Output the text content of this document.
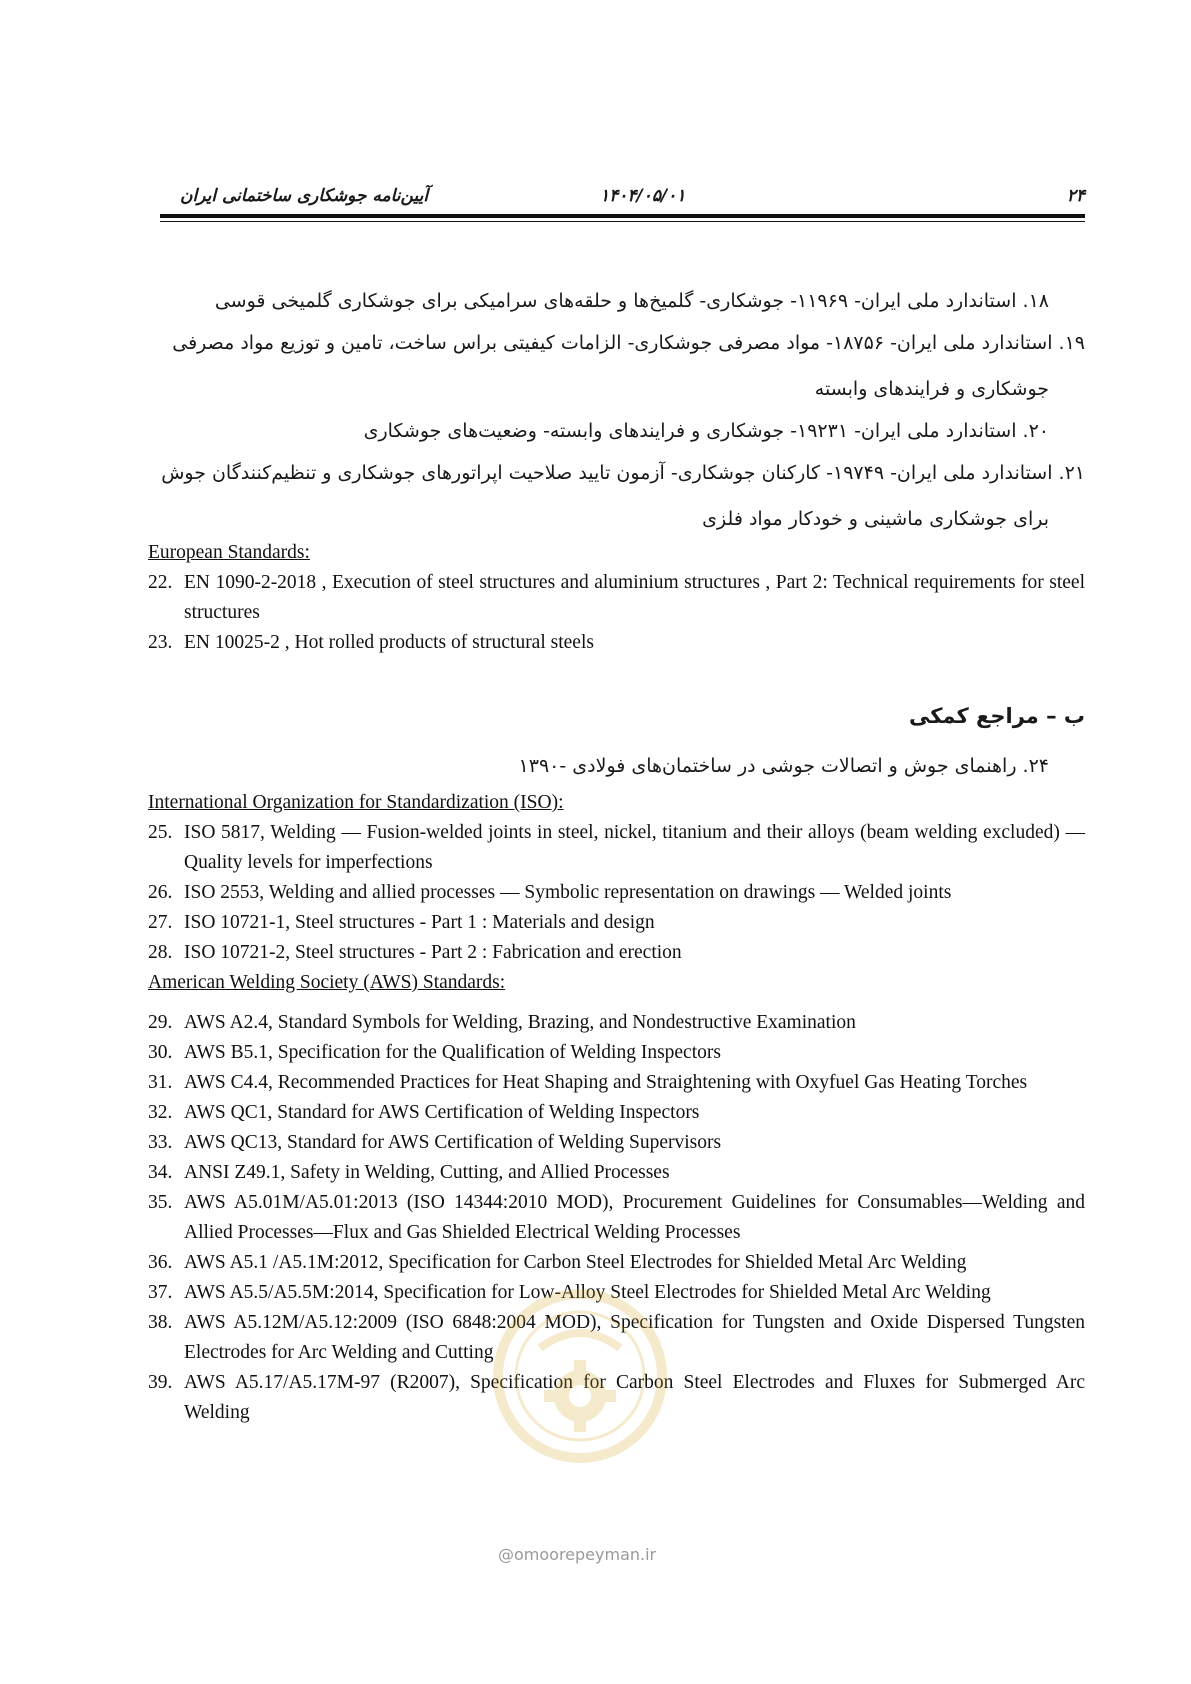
۲۴
۱۴۰۴/۰۵/۰۱
آیین‌نامه جوشکاری ساختمانی ایران

۱۸. استاندارد ملی ایران- ۱۱۹۶۹- جوشکاری- گلمیخ‌ها و حلقه‌های سرامیکی برای جوشکاری گلمیخی قوسی

۱۹. استاندارد ملی ایران- ۱۸۷۵۶- مواد مصرفی جوشکاری- الزامات کیفیتی براس ساخت، تامین و توزیع مواد مصرفی جوشکاری و فرایندهای وابسته

۲۰. استاندارد ملی ایران- ۱۹۲۳۱- جوشکاری و فرایندهای وابسته- وضعیت‌های جوشکاری

۲۱. استاندارد ملی ایران- ۱۹۷۴۹- کارکنان جوشکاری- آزمون تایید صلاحیت اپراتورهای جوشکاری و تنظیم‌کنندگان جوش برای جوشکاری ماشینی و خودکار مواد فلزی

European Standards:

22. EN 1090-2-2018 , Execution of steel structures and aluminium structures , Part 2: Technical requirements for steel structures
23. EN 10025-2 , Hot rolled products of structural steels
ب – مراجع کمکی

۲۴. راهنمای جوش و اتصالات جوشی در ساختمان‌های فولادی -۱۳۹۰

International Organization for Standardization (ISO):

25. ISO 5817, Welding — Fusion-welded joints in steel, nickel, titanium and their alloys (beam welding excluded) — Quality levels for imperfections
26. ISO 2553, Welding and allied processes — Symbolic representation on drawings — Welded joints
27. ISO 10721-1, Steel structures - Part 1 : Materials and design
28. ISO 10721-2, Steel structures - Part 2 : Fabrication and erection

American Welding Society (AWS) Standards:

29. AWS A2.4, Standard Symbols for Welding, Brazing, and Nondestructive Examination
30. AWS B5.1, Specification for the Qualification of Welding Inspectors
31. AWS C4.4, Recommended Practices for Heat Shaping and Straightening with Oxyfuel Gas Heating Torches
32. AWS QC1, Standard for AWS Certification of Welding Inspectors
33. AWS QC13, Standard for AWS Certification of Welding Supervisors
34. ANSI Z49.1, Safety in Welding, Cutting, and Allied Processes
35. AWS A5.01M/A5.01:2013 (ISO 14344:2010 MOD), Procurement Guidelines for Consumables—Welding and Allied Processes—Flux and Gas Shielded Electrical Welding Processes
36. AWS A5.1 /A5.1M:2012, Specification for Carbon Steel Electrodes for Shielded Metal Arc Welding
37. AWS A5.5/A5.5M:2014, Specification for Low-Alloy Steel Electrodes for Shielded Metal Arc Welding
38. AWS A5.12M/A5.12:2009 (ISO 6848:2004 MOD), Specification for Tungsten and Oxide Dispersed Tungsten Electrodes for Arc Welding and Cutting
39. AWS A5.17/A5.17M-97 (R2007), Specification for Carbon Steel Electrodes and Fluxes for Submerged Arc Welding
@omoorepeyman.ir
